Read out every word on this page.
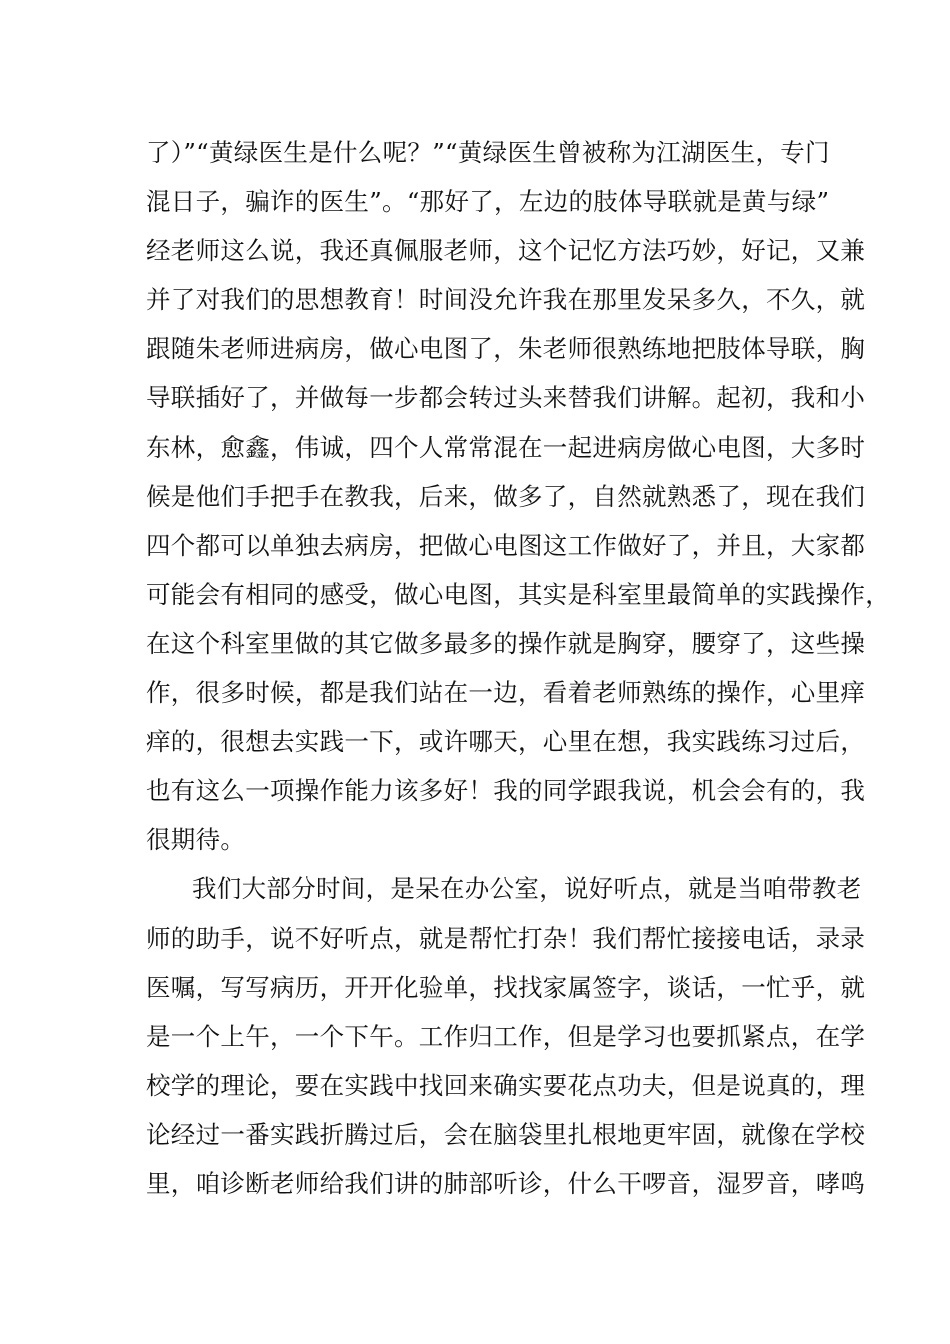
了）”“黄绿医生是什么呢？”“黄绿医生曾被称为江湖医生，专门
混日子，骗诈的医生”。“那好了，左边的肢体导联就是黄与绿”
经老师这么说，我还真佩服老师，这个记忆方法巧妙，好记，又兼
并了对我们的思想教育！时间没允许我在那里发呆多久，不久，就
跟随朱老师进病房，做心电图了，朱老师很熟练地把肢体导联，胸
导联插好了，并做每一步都会转过头来替我们讲解。起初，我和小
东林，愈鑫，伟诚，四个人常常混在一起进病房做心电图，大多时
候是他们手把手在教我，后来，做多了，自然就熟悉了，现在我们
四个都可以单独去病房，把做心电图这工作做好了，并且，大家都
可能会有相同的感受，做心电图，其实是科室里最简单的实践操作，
在这个科室里做的其它做多最多的操作就是胸穿，腰穿了，这些操
作，很多时候，都是我们站在一边，看着老师熟练的操作，心里痒
痒的，很想去实践一下，或许哪天，心里在想，我实践练习过后，
也有这么一项操作能力该多好！我的同学跟我说，机会会有的，我
很期待。
我们大部分时间，是呆在办公室，说好听点，就是当咱带教老
师的助手，说不好听点，就是帮忙打杂！我们帮忙接接电话，录录
医嘱，写写病历，开开化验单，找找家属签字，谈话，一忙乎，就
是一个上午，一个下午。工作归工作，但是学习也要抓紧点，在学
校学的理论，要在实践中找回来确实要花点功夫，但是说真的，理
论经过一番实践折腾过后，会在脑袋里扎根地更牢固，就像在学校
里，咱诊断老师给我们讲的肺部听诊，什么干啰音，湿罗音，哮鸣
